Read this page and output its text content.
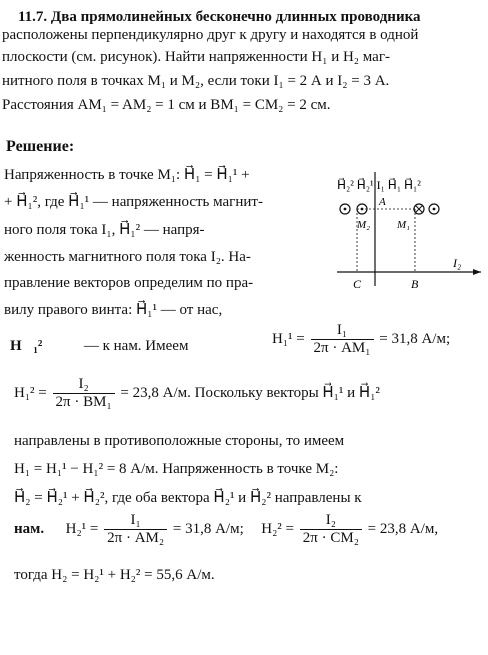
11.7. Два прямолинейных бесконечно длинных проводника
расположены перпендикулярно друг к другу и находятся в одной
плоскости (см. рисунок). Найти напряженности H₁ и H₂ маг-
нитного поля в точках M₁ и M₂, если токи I₁ = 2 А и I₂ = 3 А.
Расстояния AM₁ = AM₂ = 1 см и BM₁ = CM₂ = 2 см.
Решение:
Напряженность в точке M₁: H⃗₁ = H⃗₁¹ +
+ H⃗₁², где H⃗₁¹ — напряженность магнит-
ного поля тока I₁, H⃗₁² — напря-
женность магнитного поля тока I₂. На-
правление векторов определим по пра-
вилу правого винта: H⃗₁¹ — от нас,
H⃗₂² H⃗₂¹ I₁ H⃗₁ H⃗₁²
A
M₂ M₁
I₂
C	B
H⃗₁²	— к нам. Имеем	$H_1^1 = \frac{\text{I₁}}{\text{2π · AM₁}} = 31,8$ А/м;
$H_1^2 = \frac{\text{I₂}}{\text{2π · BM₁}} = 23,8$ А/м. Поскольку векторы H⃗₁¹ и H⃗₁²
направлены в противоположные стороны, то имеем
H₁ = H₁¹ − H₁² = 8 А/м. Напряженность в точке M₂:
H⃗₂ = H⃗₂¹ + H⃗₂², где оба вектора H⃗₂¹ и H⃗₂² направлены к
нам. $H_2^1 = \frac{\text{I₁}}{\text{2π · AM₂}} = 31,8$ А/м; $H_2^2 = \frac{\text{I₂}}{\text{2π · CM₂}} = 23,8$ А/м,
тогда H₂ = H₂¹ + H₂² = 55,6 А/м.
